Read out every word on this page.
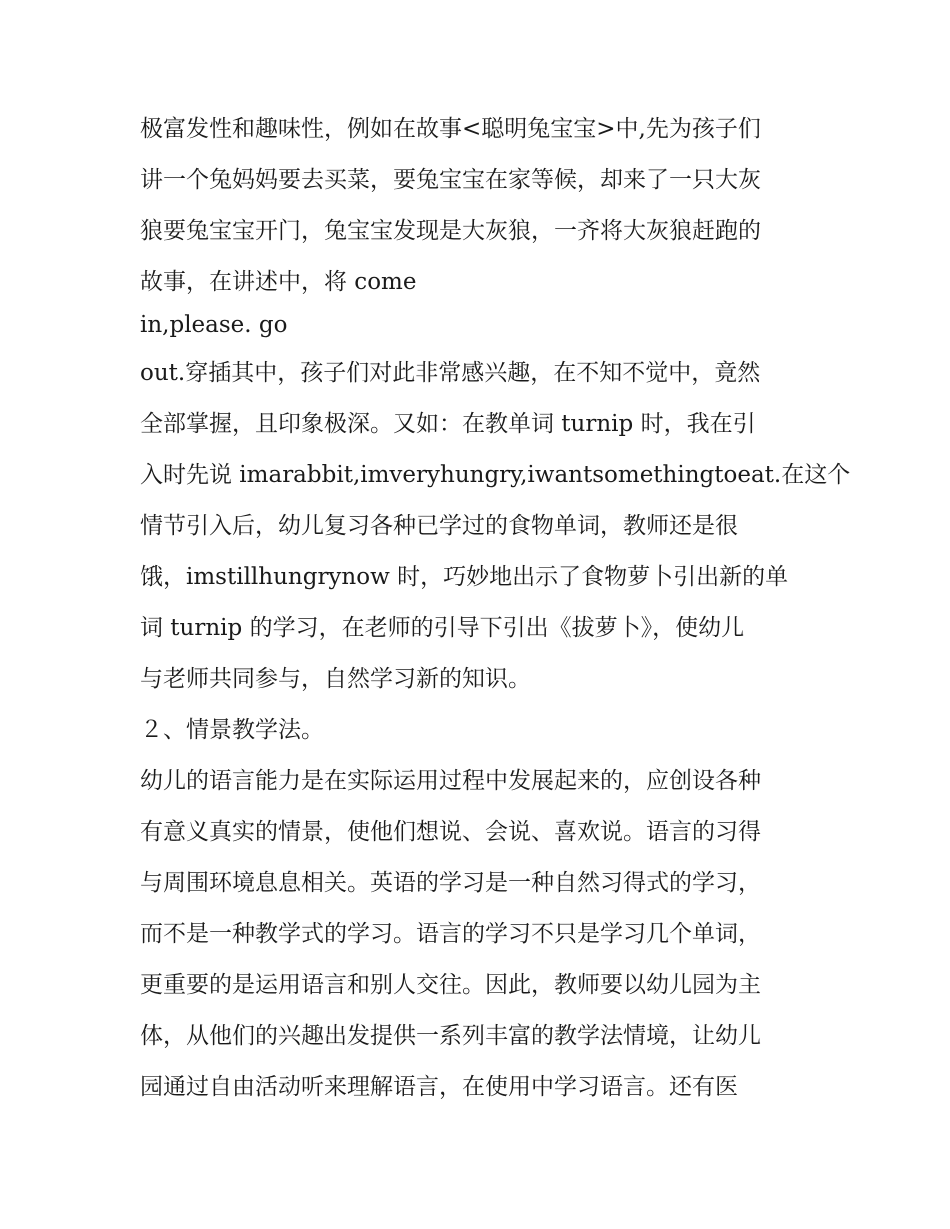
极富发性和趣味性，例如在故事<聪明兔宝宝>中,先为孩子们
讲一个兔妈妈要去买菜，要兔宝宝在家等候，却来了一只大灰
狼要兔宝宝开门，兔宝宝发现是大灰狼，一齐将大灰狼赶跑的
故事，在讲述中，将 come
in,please. go
out.穿插其中，孩子们对此非常感兴趣，在不知不觉中，竟然
全部掌握，且印象极深。又如：在教单词 turnip 时，我在引
入时先说 imarabbit,imveryhungry,iwantsomethingtoeat.在这个
情节引入后，幼儿复习各种已学过的食物单词，教师还是很
饿，imstillhungrynow 时，巧妙地出示了食物萝卜引出新的单
词 turnip 的学习，在老师的引导下引出《拔萝卜》，使幼儿
与老师共同参与，自然学习新的知识。
２、情景教学法。
幼儿的语言能力是在实际运用过程中发展起来的，应创设各种
有意义真实的情景，使他们想说、会说、喜欢说。语言的习得
与周围环境息息相关。英语的学习是一种自然习得式的学习，
而不是一种教学式的学习。语言的学习不只是学习几个单词，
更重要的是运用语言和别人交往。因此，教师要以幼儿园为主
体，从他们的兴趣出发提供一系列丰富的教学法情境，让幼儿
园通过自由活动听来理解语言，在使用中学习语言。还有医
